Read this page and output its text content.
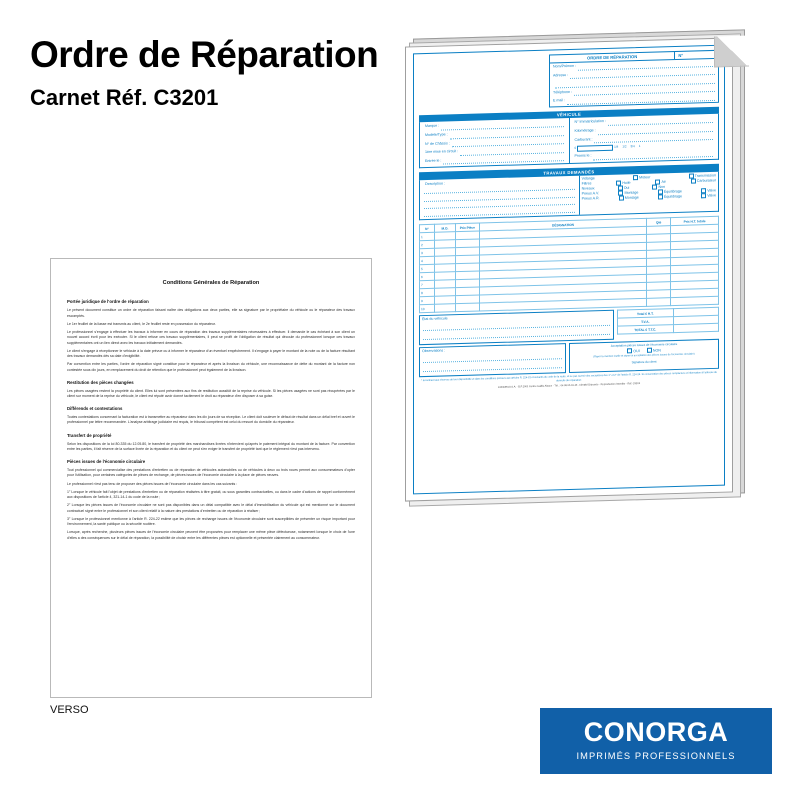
Ordre de Réparation
Carnet Réf. C3201
Conditions Générales de Réparation
Portée juridique de l'ordre de réparation

Le présent document constitue un ordre de réparation faisant naître des obligations aux deux parties, elle sa signature par le propriétaire du véhicule ou le réparateur des travaux escomptés.

Le 1er feuillet de la liasse est transmis au client, le 2e feuillet reste en possession du réparateur.

Le professionnel s'engage à effectuer les travaux à informer en cours de réparation des travaux supplémentaires nécessaires à effectuer. Il demande le cas échéant à son client un nouvel accord écrit pour les exécuter. Si le client refuse ces travaux supplémentaires, il peut se profit de l'obligation de résultat qui découle du professionnel lorsque ces travaux supplémentaires ont un lien direct avec les travaux initialement demandés.

Le client s'engage à réceptionner le véhicule à la date prévue ou à informer le réparateur d'un éventuel empêchement. Il s'engage à payer le montant de la note ou de la facture résultant des travaux demandés dès sa date d'exigibilité.

Par convention entre les parties, l'ordre de réparation signé constitue pour le réparateur et après la livraison du véhicule, une reconnaissance de dette du montant de la facture non contestée sous dix jours, en remplacement du droit de rétention que le professionnel peut également de la livraison.

Restitution des pièces changées

Les pièces usagées restent la propriété du client. Elles lui sont présentées aux fins de restitution aussitôt de la reprise du véhicule. Si les pièces usagées ne sont pas récupérées par le client sur moment de la reprise du véhicule, le client est réputé avoir donné tacitement le droit au réparateur d'en disposer à sa guise.

Différends et contestations

Toutes contestations concernant la facturation est à transmettre au réparateur dans les dix jours de sa réception. Le client doit soulever le défaut de résultat dans un délai bref et ouvert le professionnel par lettre recommandée. L'analyse arbitrage judiciaire est requis, le tribunal compétent est celui du ressort du domicile du réparateur.

Transfert de propriété

Selon les dispositions de la loi 80-335 du 12.05.80, le transfert de propriété des marchandises livrées n'intervient qu'après le paiement intégral du montant de la facture. Par convention entre les parties, il fait réserve de la surface livrée de la réparation et du client ne peut s'en exiger le transfert de propriété tant que le règlement n'est pas intervenu.

Pièces issues de l'économie circulaire

Tout professionnel qui commercialise des prestations d'entretien ou de réparation de véhicules automobiles ou de véhicules à deux ou trois roues permet aux consommateurs d'opter pour l'utilisation, pour certaines catégories de pièces de rechange, de pièces issues de l'économie circulaire à la place de pièces neuves.

Le professionnel n'est pas tenu de proposer des pièces issues de l'économie circulaire dans les cas suivants :

1° Lorsque le véhicule fait l'objet de prestations d'entretien ou de réparation réalisées à titre gratuit, ou sous garanties contractuelles, ou dans le cadre d'actions de rappel conformément aux dispositions de l'article 4, 321-14-1 du code de la route ;

2° Lorsque les pièces issues de l'économie circulaire ne sont pas disponibles dans un délai compatible avec le délai d'immobilisation du véhicule qui est mentionné sur le document contractuel signé entre le professionnel et son client relatif à la nature des prestations d'entretien ou de réparation à réaliser ;

3° Lorsque le professionnel mentionne à l'article R. 224-22 estime que les pièces de rechange issues de l'économie circulaire sont susceptibles de présenter un risque important pour l'environnement, la santé publique ou la sécurité routière.

Lorsque, après recherche, plusieurs pièces issues de l'économie circulaire peuvent être proposées pour remplacer une même pièce défectueuse, notamment lorsque le choix de l'une d'elles a des conséquences sur le délai de réparation, la possibilité de choisir entre les différentes pièces est optionnelle et présentée clairement au consommateur.

VERSO
ORDRE DE RÉPARATION	N°
Nom/Prénom :
Adresse :
Téléphone :
E mail :
VÉHICULE
Marque :
Modèle/Type :
N° de Châssis :
1ère mise en circuit :
Entrée le :
N° Immatriculation :
Kilométrage :
Carburant :
0	1/4 1/2 3/4 1
Promis le :
TRAVAUX DEMANDÉS
Description :
Vidange	Moteur	Transmission
Filtres	Huile	Air	Carburateur
Niveaux	Oui	Non
Pneus A.V.	Montage	Équilibrage	Valve
Pneus A.R.	Montage	Équilibrage	Valve
N°	M.O.	Prix Pièce	DÉSIGNATION	Qté	Prix H.T. totale
1					
2					
3					
4					
5					
6					
7					
8					
9					
10					
État du véhicule
Total € H.T.	
T.V.A.	
TOTAL € T.T.C.	
Observations :
Acceptation pièces issues de l'économie circulaire
OUI	NON
(Rayer la mention inutile et signer si acceptation des pièces issues de l'économie circulaire)
Signature du client
* Incombant aux réserves de leur disponibilité et dans les conditions prévues aux articles R. 224-22 et suivants du code de la route, et ne pas revenir des exceptions des 1° et 2° de l'article R. 224-24. Si conservation des pièces remplacées et information à l'adresse du domicile du réparateur.
CONORGA S.A. - B.P.1001 Centre Gaillle Alsace - Tél. : 04 99 65 01 43 - Identité Déposée - Reproduction Interdite - Réf. C3201
CONORGA
IMPRIMÉS PROFESSIONNELS
